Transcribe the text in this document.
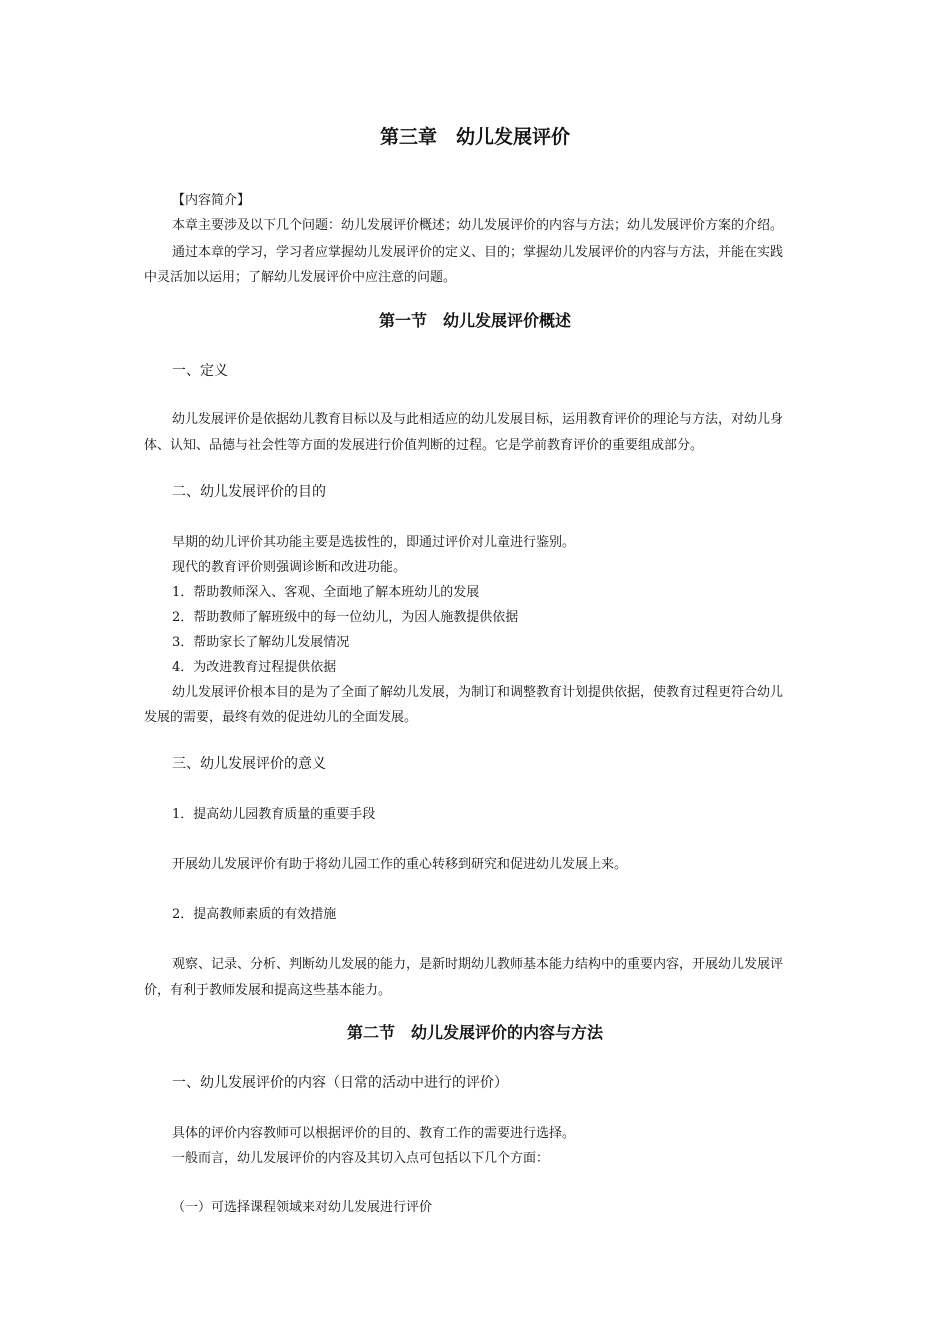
第三章　幼儿发展评价

【内容简介】

本章主要涉及以下几个问题：幼儿发展评价概述；幼儿发展评价的内容与方法；幼儿发展评价方案的介绍。

通过本章的学习，学习者应掌握幼儿发展评价的定义、目的；掌握幼儿发展评价的内容与方法，并能在实践

中灵活加以运用；了解幼儿发展评价中应注意的问题。

第一节　幼儿发展评价概述

一、定义

幼儿发展评价是依据幼儿教育目标以及与此相适应的幼儿发展目标，运用教育评价的理论与方法，对幼儿身

体、认知、品德与社会性等方面的发展进行价值判断的过程。它是学前教育评价的重要组成部分。

二、幼儿发展评价的目的

早期的幼儿评价其功能主要是选拔性的，即通过评价对儿童进行鉴别。

现代的教育评价则强调诊断和改进功能。

1．帮助教师深入、客观、全面地了解本班幼儿的发展

2．帮助教师了解班级中的每一位幼儿，为因人施教提供依据

3．帮助家长了解幼儿发展情况

4．为改进教育过程提供依据

幼儿发展评价根本目的是为了全面了解幼儿发展，为制订和调整教育计划提供依据，使教育过程更符合幼儿

发展的需要，最终有效的促进幼儿的全面发展。

三、幼儿发展评价的意义

1．提高幼儿园教育质量的重要手段

开展幼儿发展评价有助于将幼儿园工作的重心转移到研究和促进幼儿发展上来。

2．提高教师素质的有效措施

观察、记录、分析、判断幼儿发展的能力，是新时期幼儿教师基本能力结构中的重要内容，开展幼儿发展评

价，有利于教师发展和提高这些基本能力。

第二节　幼儿发展评价的内容与方法

一、幼儿发展评价的内容（日常的活动中进行的评价）

具体的评价内容教师可以根据评价的目的、教育工作的需要进行选择。

一般而言，幼儿发展评价的内容及其切入点可包括以下几个方面：

（一）可选择课程领域来对幼儿发展进行评价
